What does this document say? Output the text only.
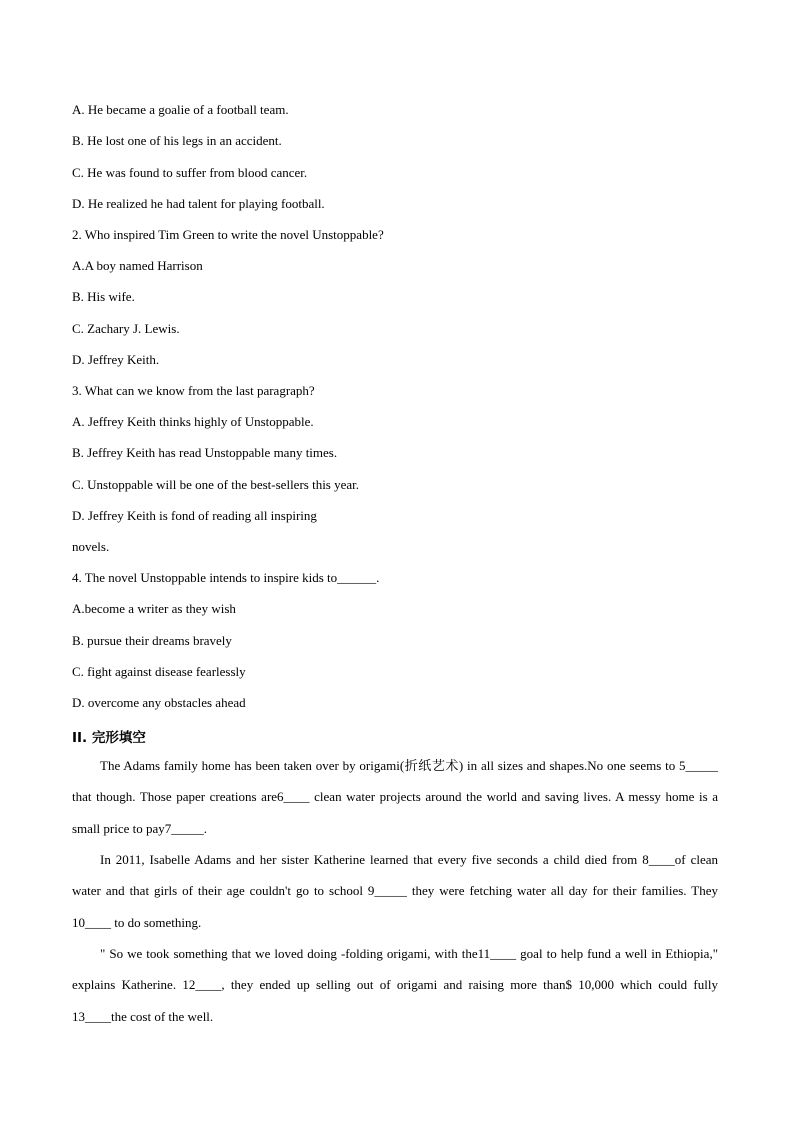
A. He became a goalie of a football team.
B. He lost one of his legs in an accident.
C. He was found to suffer from blood cancer.
D. He realized he had talent for playing football.
2. Who inspired Tim Green to write the novel Unstoppable?
A.A boy named Harrison
B. His wife.
C. Zachary J. Lewis.
D. Jeffrey Keith.
3. What can we know from the last paragraph?
A. Jeffrey Keith thinks highly of Unstoppable.
B. Jeffrey Keith has read Unstoppable many times.
C. Unstoppable will be one of the best-sellers this year.
D. Jeffrey Keith is fond of reading all inspiring
novels.
4. The novel Unstoppable intends to inspire kids to______.
A.become a writer as they wish
B. pursue their dreams bravely
C. fight against disease fearlessly
D. overcome any obstacles ahead
II. 完形填空
The Adams family home has been taken over by origami(折纸艺术) in all sizes and shapes.No one seems to 5_____ that though. Those paper creations are6____ clean water projects around the world and saving lives. A messy home is a small price to pay7_____.
In 2011, Isabelle Adams and her sister Katherine learned that every five seconds a child died from 8____of clean water and that girls of their age couldn't go to school 9_____ they were fetching water all day for their families. They 10____ to do something.
" So we took something that we loved doing -folding origami, with the11____ goal to help fund a well in Ethiopia," explains Katherine. 12____, they ended up selling out of origami and raising more than$ 10,000 which could fully 13____the cost of the well.
